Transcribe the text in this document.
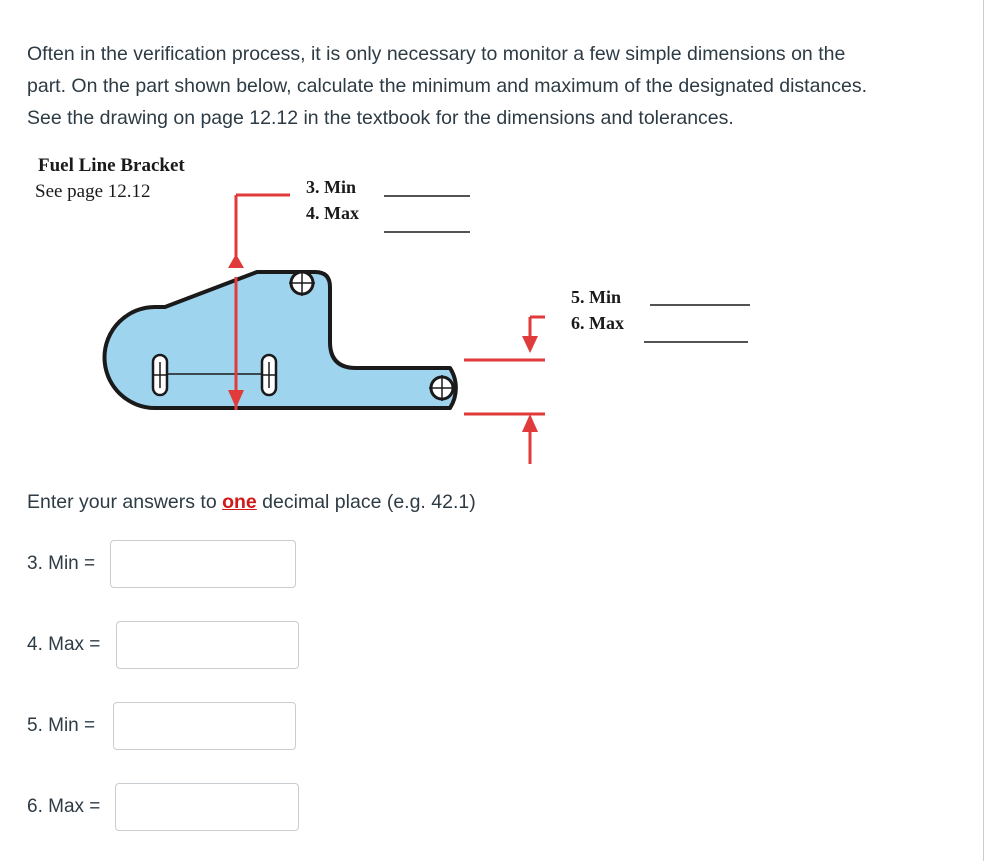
Often in the verification process, it is only necessary to monitor a few simple dimensions on the
part. On the part shown below, calculate the minimum and maximum of the designated distances.
See the drawing on page 12.12 in the textbook for the dimensions and tolerances.
Fuel Line Bracket
See page 12.12	3. Min
4. Max
5. Min
6. Max
Enter your answers to one decimal place (e.g. 42.1)
3. Min =
4. Max =
5. Min =
6. Max =
